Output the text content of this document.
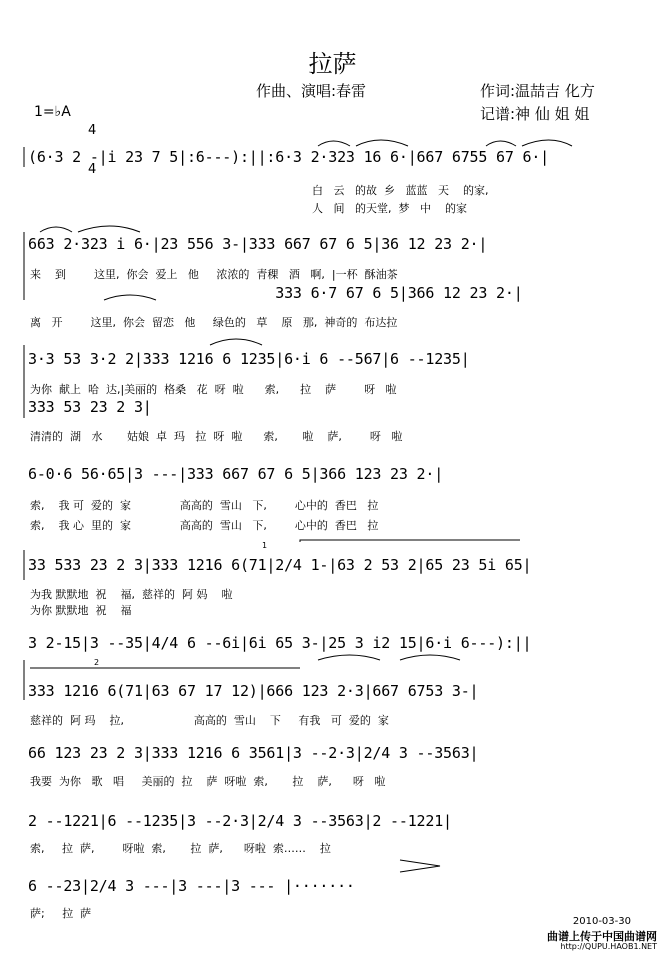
1
2
拉萨
作曲、演唱:春雷	作词:温喆吉 化方
记谱:神 仙 姐 姐
1=♭A

4

4

(6·3 2 -|i 23 7 5|:6---):||:6·3 2·323 16 6·|667 6755 67 6·|
白   云   的故  乡   蓝蓝   天    的家,
人   间   的天堂,  梦   中    的家
663 2·323 i 6·|23 556 3-|333 667 67 6 5|36 12 23 2·|
来    到        这里,  你会  爱上   他     浓浓的  青稞   酒   啊,  |一杯  酥油茶
333 6·7 67 6 5|366 12 23 2·|
离   开        这里,  你会  留恋   他     绿色的   草    原   那,  神奇的  布达拉
3·3 53 3·2 2|333 1216 6 1235|6·i 6 --567|6 --1235|
为你  献上  哈  达,|美丽的  格桑   花  呀  啦      索,      拉    萨        呀   啦
333 53 23 2 3|
清清的  湖   水       姑娘  卓  玛   拉  呀  啦      索,       啦    萨,        呀   啦
6-0·6 56·65|3 ---|333 667 67 6 5|366 123 23 2·|
索,    我 可  爱的  家              高高的  雪山   下,        心中的  香巴   拉
索,    我 心  里的  家              高高的  雪山   下,        心中的  香巴   拉
33 533 23 2 3|333 1216 6(71|2/4 1-|63 2 53 2|65 23 5i 65|
为我 默默地  祝    福,  慈祥的  阿 妈    啦
为你 默默地  祝    福
3 2-15|3 --35|4/4 6 --6i|6i 65 3-|25 3 i2 15|6·i 6---):||
333 1216 6(71|63 67 17 12)|666 123 2·3|667 6753 3-|
慈祥的  阿 玛    拉,                    高高的  雪山    下     有我   可  爱的  家
66 123 23 2 3|333 1216 6 3561|3 --2·3|2/4 3 --3563|
我要  为你   歌   唱     美丽的  拉    萨  呀啦  索,       拉    萨,      呀   啦
2 --1221|6 --1235|3 --2·3|2/4 3 --3563|2 --1221|
索,     拉  萨,        呀啦  索,       拉  萨,      呀啦  索……    拉
6 --23|2/4 3 ---|3 ---|3 --- |·······
萨;     拉  萨
2010-03-30
曲谱上传于中国曲谱网
http://QUPU.HAOB1.NET
